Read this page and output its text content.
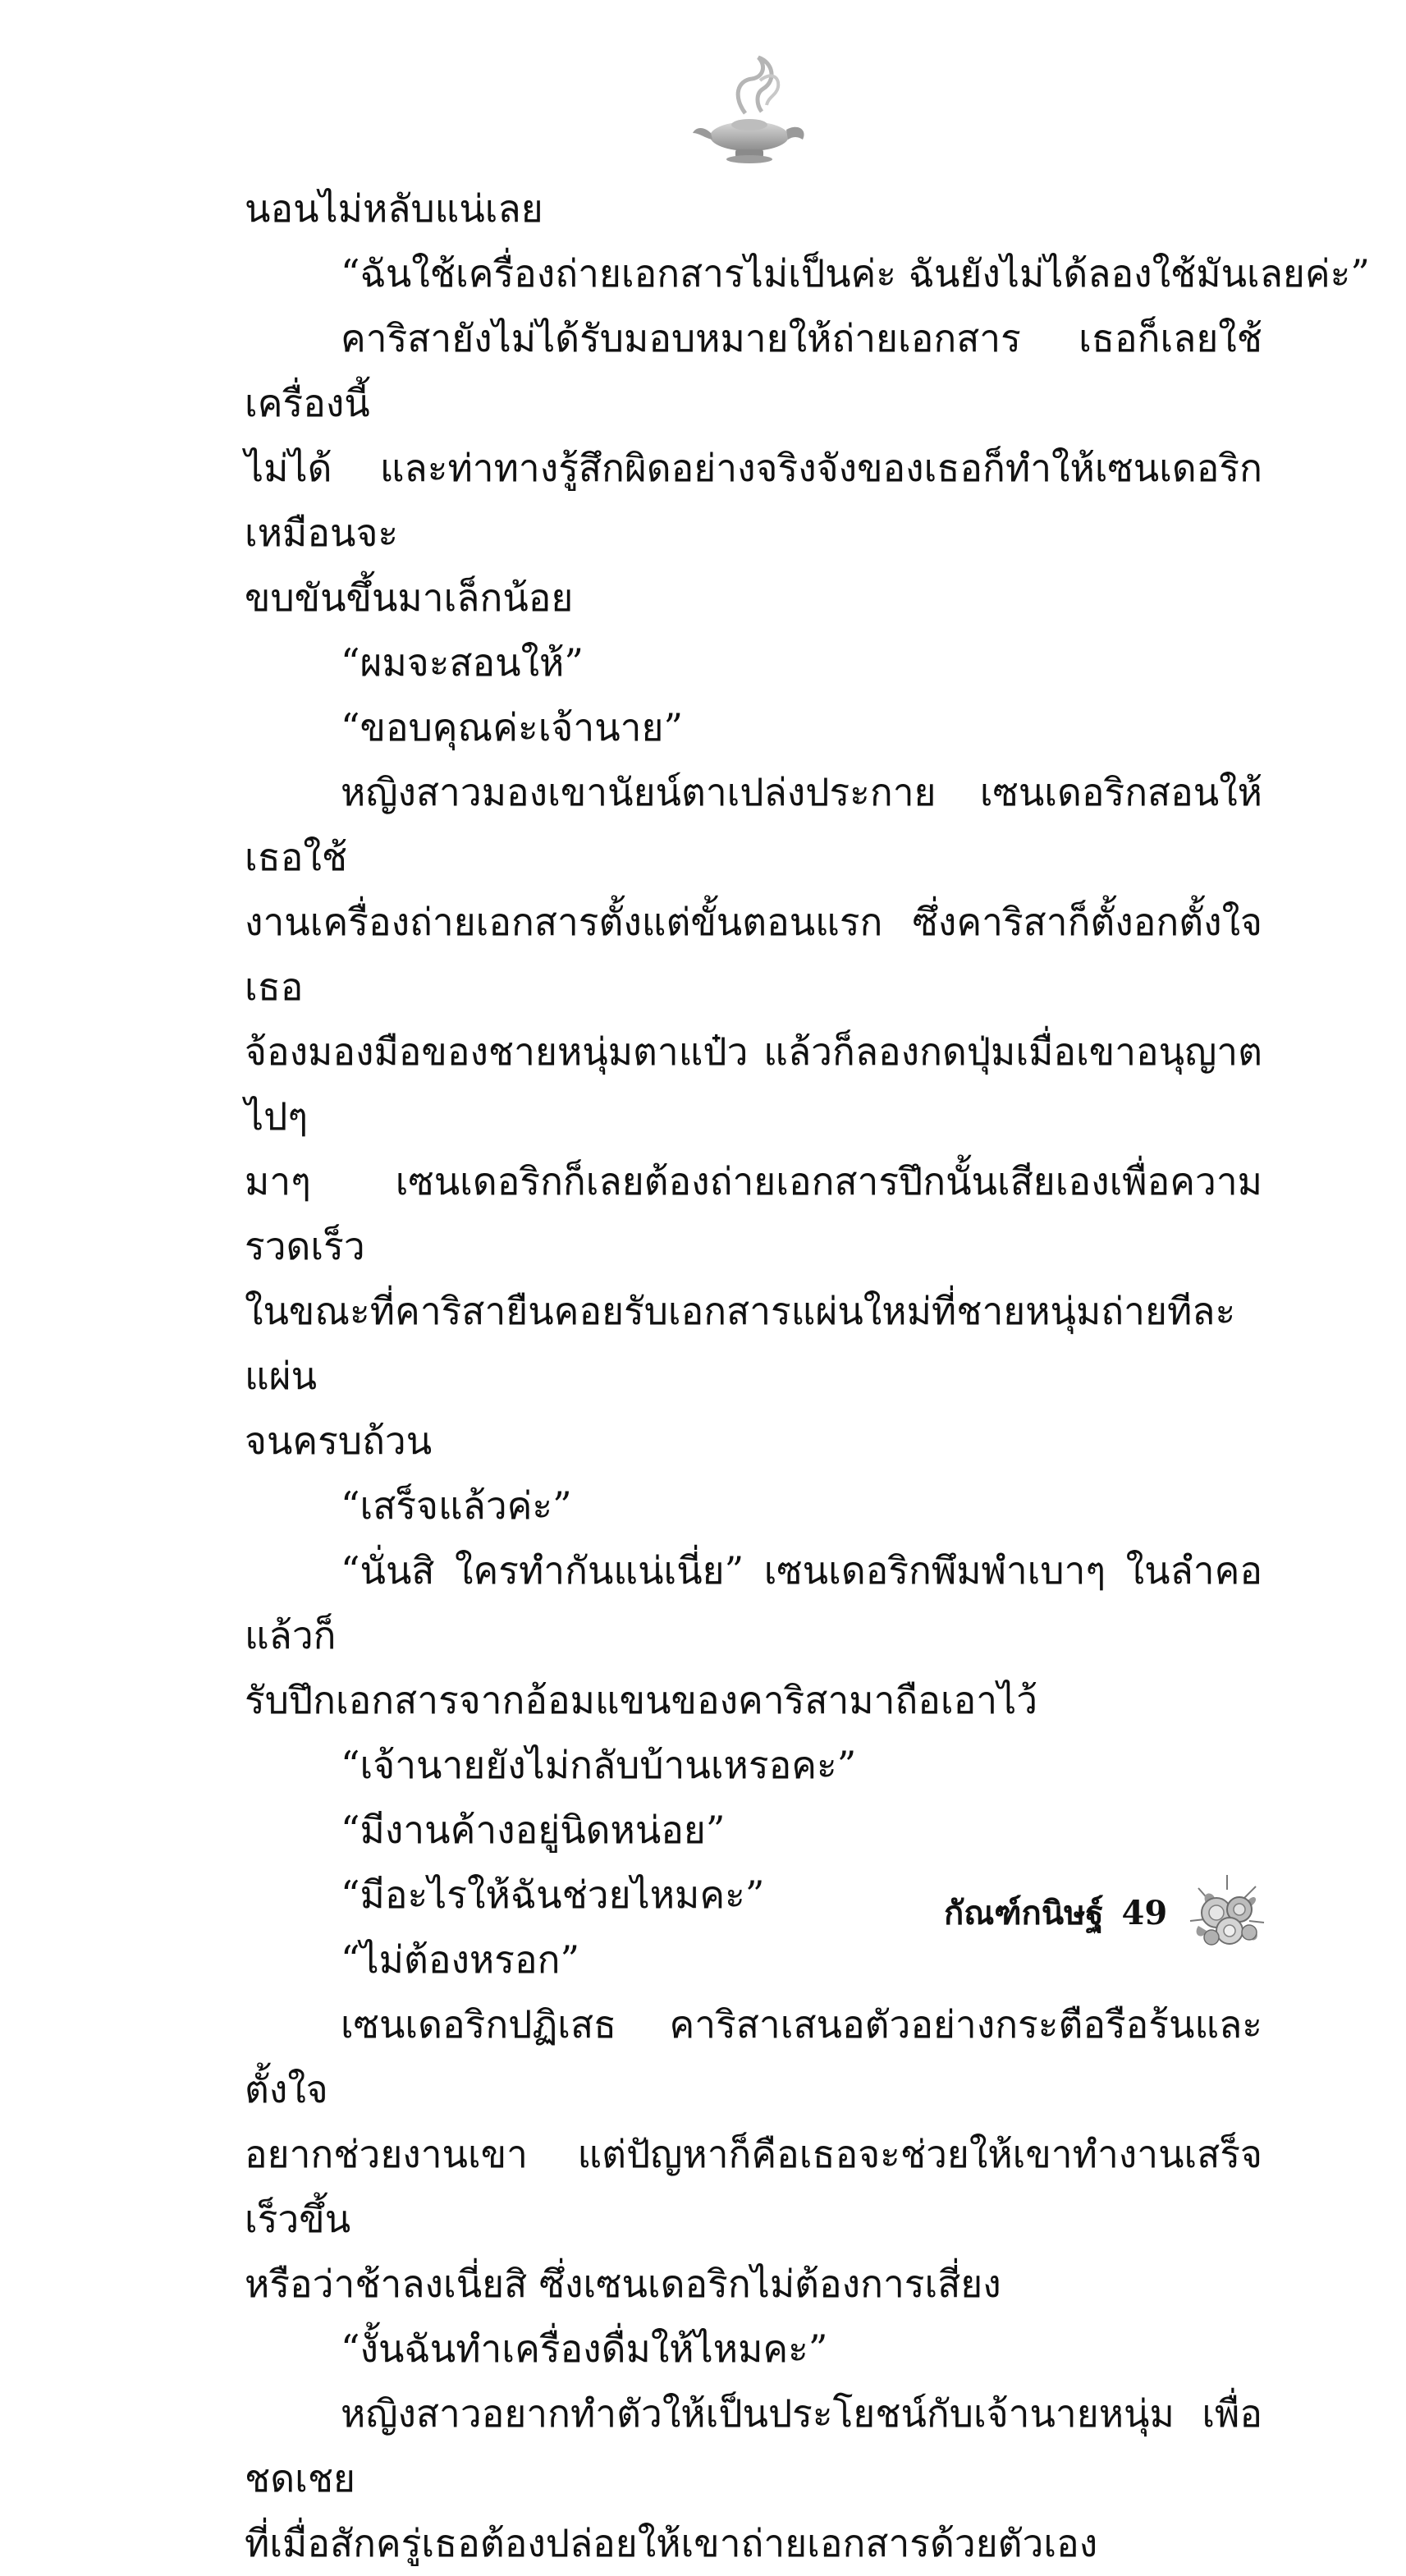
นอนไม่หลับแน่เลย

“ฉันใช้เครื่องถ่ายเอกสารไม่เป็นค่ะ ฉันยังไม่ได้ลองใช้มันเลยค่ะ”

คาริสายังไม่ได้รับมอบหมายให้ถ่ายเอกสาร เธอก็เลยใช้เครื่องนี้

ไม่ได้ และท่าทางรู้สึกผิดอย่างจริงจังของเธอก็ทำให้เซนเดอริกเหมือนจะ

ขบขันขึ้นมาเล็กน้อย

“ผมจะสอนให้”

“ขอบคุณค่ะเจ้านาย”

หญิงสาวมองเขานัยน์ตาเปล่งประกาย เซนเดอริกสอนให้เธอใช้

งานเครื่องถ่ายเอกสารตั้งแต่ขั้นตอนแรก ซึ่งคาริสาก็ตั้งอกตั้งใจ เธอ

จ้องมองมือของชายหนุ่มตาแป๋ว แล้วก็ลองกดปุ่มเมื่อเขาอนุญาต ไปๆ

มาๆ เซนเดอริกก็เลยต้องถ่ายเอกสารปึกนั้นเสียเองเพื่อความรวดเร็ว

ในขณะที่คาริสายืนคอยรับเอกสารแผ่นใหม่ที่ชายหนุ่มถ่ายทีละแผ่น

จนครบถ้วน

“เสร็จแล้วค่ะ”

“นั่นสิ ใครทำกันแน่เนี่ย” เซนเดอริกพึมพำเบาๆ ในลำคอ แล้วก็

รับปึกเอกสารจากอ้อมแขนของคาริสามาถือเอาไว้

“เจ้านายยังไม่กลับบ้านเหรอคะ”

“มีงานค้างอยู่นิดหน่อย”

“มีอะไรให้ฉันช่วยไหมคะ”

“ไม่ต้องหรอก”

เซนเดอริกปฏิเสธ คาริสาเสนอตัวอย่างกระตือรือร้นและตั้งใจ

อยากช่วยงานเขา แต่ปัญหาก็คือเธอจะช่วยให้เขาทำงานเสร็จเร็วขึ้น

หรือว่าช้าลงเนี่ยสิ ซึ่งเซนเดอริกไม่ต้องการเสี่ยง

“งั้นฉันทำเครื่องดื่มให้ไหมคะ”

หญิงสาวอยากทำตัวให้เป็นประโยชน์กับเจ้านายหนุ่ม เพื่อชดเชย

ที่เมื่อสักครู่เธอต้องปล่อยให้เขาถ่ายเอกสารด้วยตัวเอง

กัณฑ์กนิษฐ์ 49
